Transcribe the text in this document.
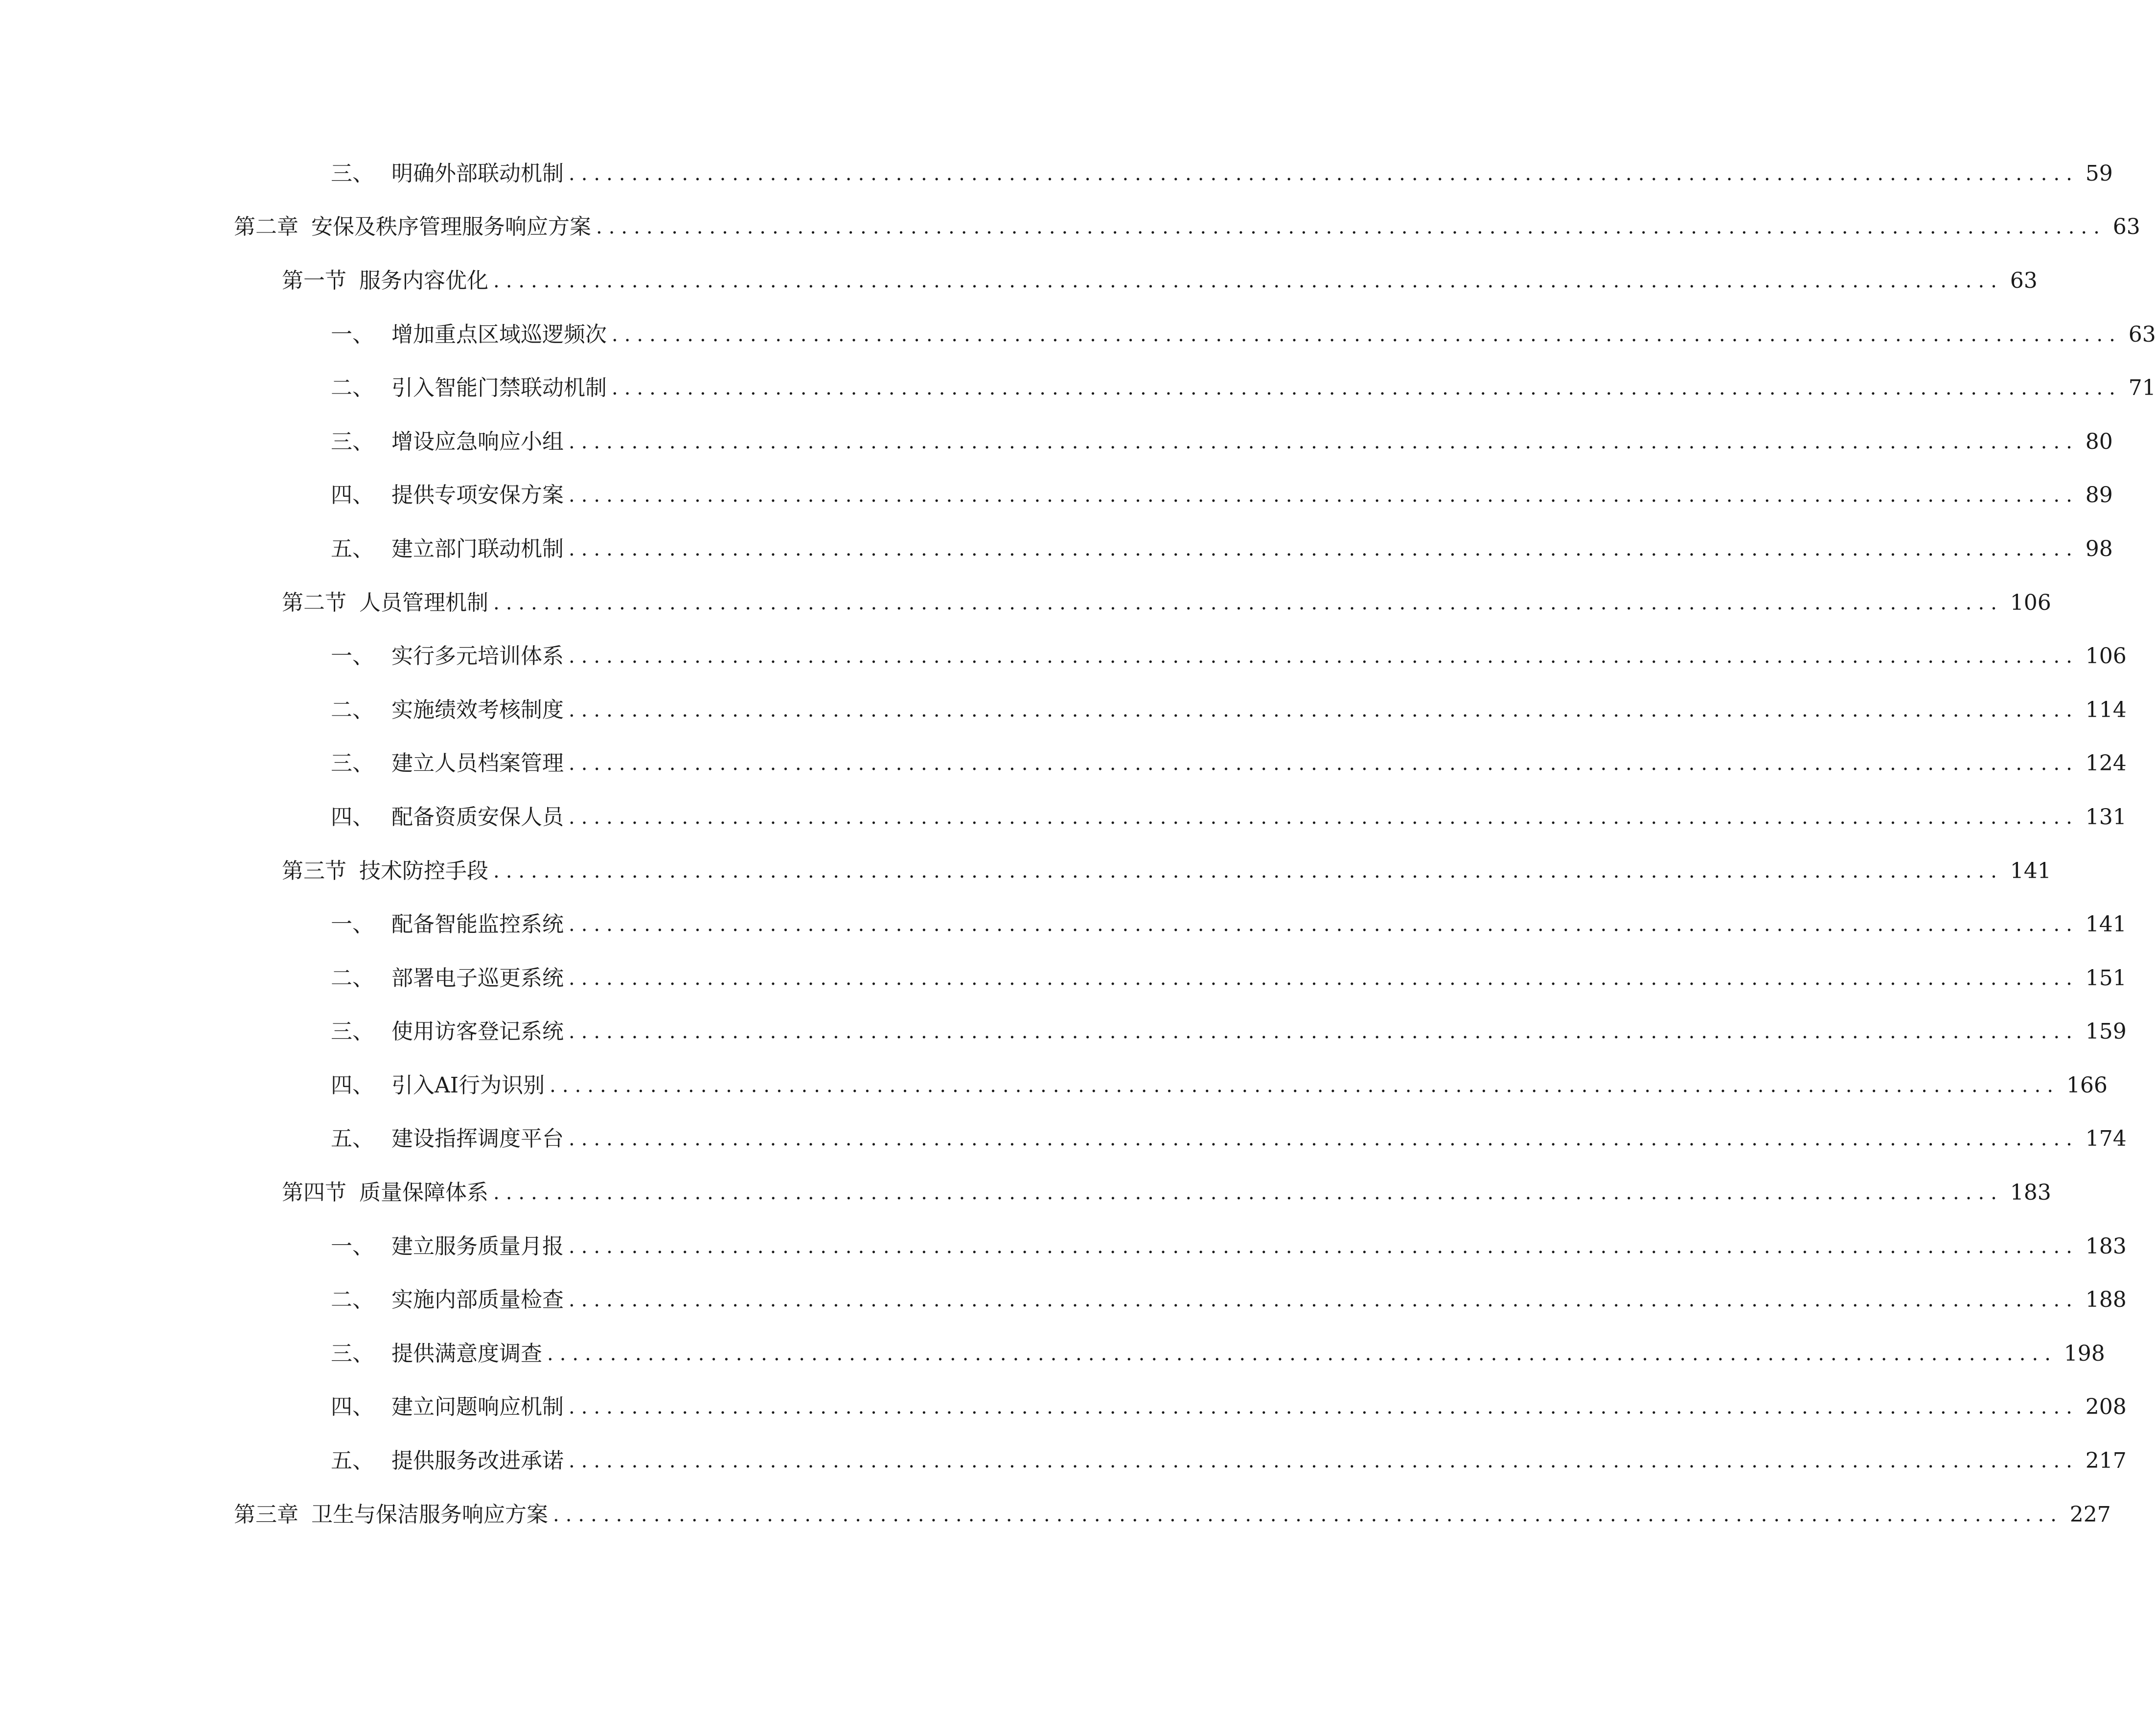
三、 明确外部联动机制 ........................................................................................................................ 59
第二章 安保及秩序管理服务响应方案 ........................................................................................................................ 63
第一节 服务内容优化 ........................................................................................................................ 63
一、 增加重点区域巡逻频次 ........................................................................................................................ 63
二、 引入智能门禁联动机制 ........................................................................................................................ 71
三、 增设应急响应小组 ........................................................................................................................ 80
四、 提供专项安保方案 ........................................................................................................................ 89
五、 建立部门联动机制 ........................................................................................................................ 98
第二节 人员管理机制 ........................................................................................................................ 106
一、 实行多元培训体系 ........................................................................................................................ 106
二、 实施绩效考核制度 ........................................................................................................................ 114
三、 建立人员档案管理 ........................................................................................................................ 124
四、 配备资质安保人员 ........................................................................................................................ 131
第三节 技术防控手段 ........................................................................................................................ 141
一、 配备智能监控系统 ........................................................................................................................ 141
二、 部署电子巡更系统 ........................................................................................................................ 151
三、 使用访客登记系统 ........................................................................................................................ 159
四、 引入AI行为识别 ........................................................................................................................ 166
五、 建设指挥调度平台 ........................................................................................................................ 174
第四节 质量保障体系 ........................................................................................................................ 183
一、 建立服务质量月报 ........................................................................................................................ 183
二、 实施内部质量检查 ........................................................................................................................ 188
三、 提供满意度调查 ........................................................................................................................ 198
四、 建立问题响应机制 ........................................................................................................................ 208
五、 提供服务改进承诺 ........................................................................................................................ 217
第三章 卫生与保洁服务响应方案 ........................................................................................................................ 227
